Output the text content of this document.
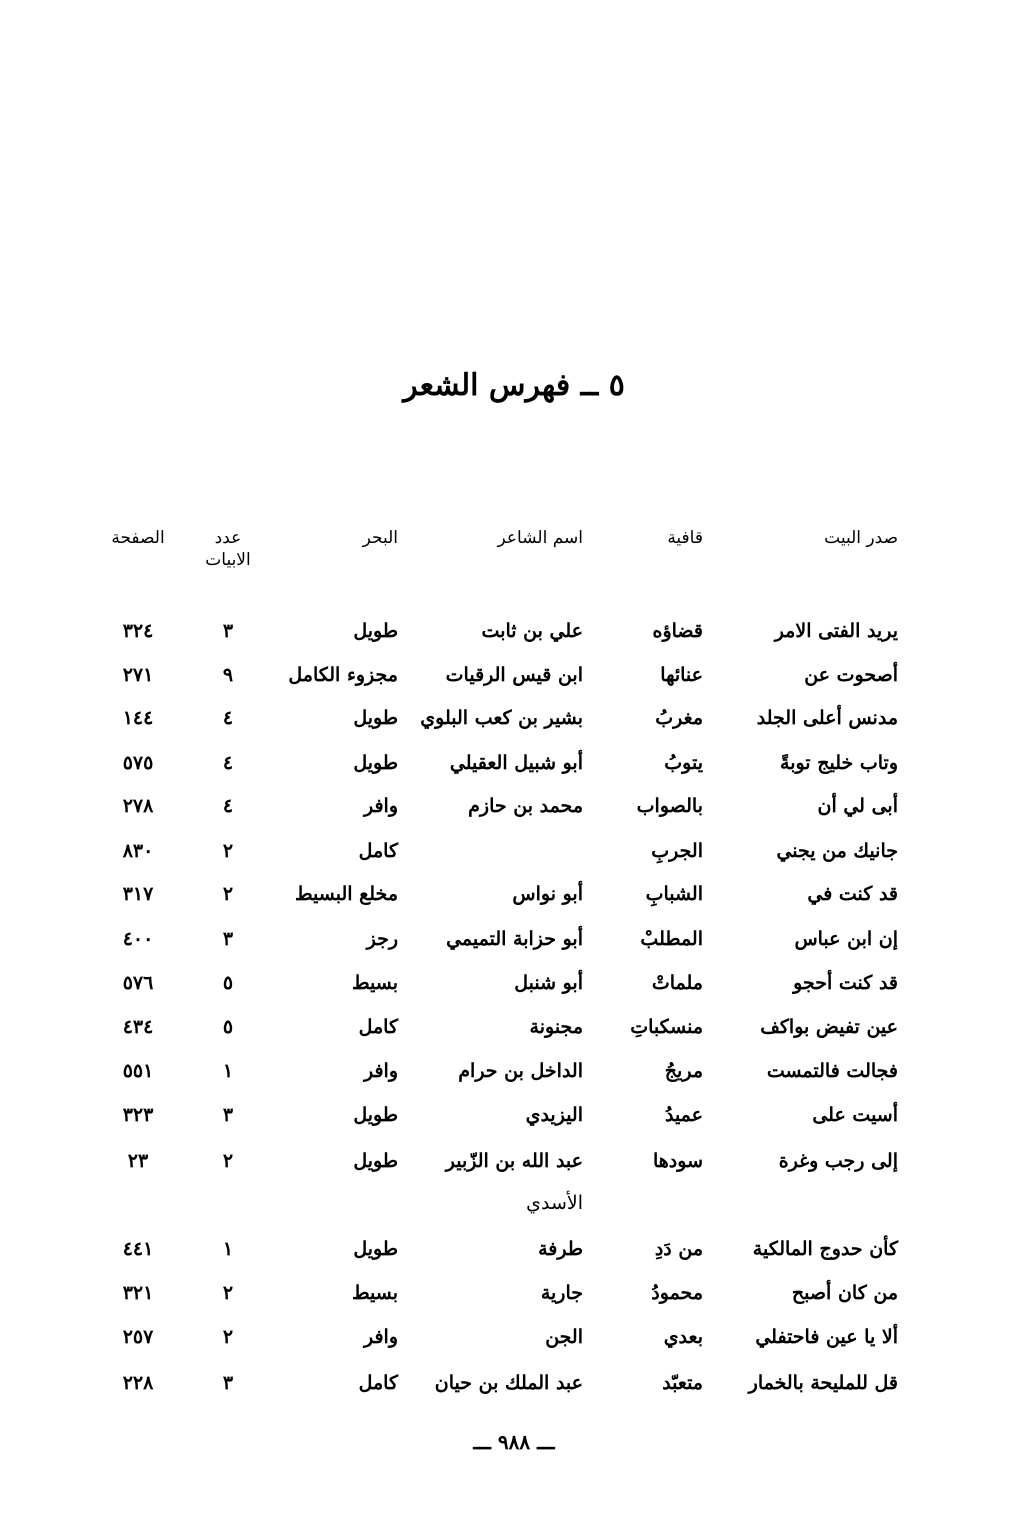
٥ ــ فهرس الشعر
صدر البيت
قافية
اسم الشاعر
البحر
عدد
الابيات
الصفحة
يريد الفتى الامر
قضاؤه
علي بن ثابت
طويل
٣
٣٢٤
أصحوت عن
عنائها
ابن قيس الرقيات
مجزوء الكامل
٩
٢٧١
مدنس أعلى الجلد
مغربُ
بشير بن كعب البلوي
طويل
٤
١٤٤
وتاب خليج توبةً
يتوبُ
أبو شبيل العقيلي
طويل
٤
٥٧٥
أبى لي أن
بالصواب
محمد بن حازم
وافر
٤
٢٧٨
جانيك من يجني
الجربِ
كامل
٢
٨٣٠
قد كنت في
الشبابِ
أبو نواس
مخلع البسيط
٢
٣١٧
إن ابن عباس
المطلبْ
أبو حزابة التميمي
رجز
٣
٤٠٠
قد كنت أحجو
ملماتْ
أبو شنبل
بسيط
٥
٥٧٦
عين تفيض بواكف
منسكباتِ
مجنونة
كامل
٥
٤٣٤
فجالت فالتمست
مريجُ
الداخل بن حرام
وافر
١
٥٥١
أسيت على
عميدُ
اليزيدي
طويل
٣
٣٢٣
إلى رجب وغرة
سودها
عبد الله بن الزّبير
طويل
٢
٢٣
كأن حدوج المالكية
من دَدِ
طرفة
طويل
١
٤٤١
من كان أصبح
محمودُ
جارية
بسيط
٢
٣٢١
ألا يا عين فاحتفلي
بعدي
الجن
وافر
٢
٢٥٧
قل للمليحة بالخمار
متعبّد
عبد الملك بن حيان
كامل
٣
٢٢٨
الأسدي
ـــ ٩٨٨ ـــ
